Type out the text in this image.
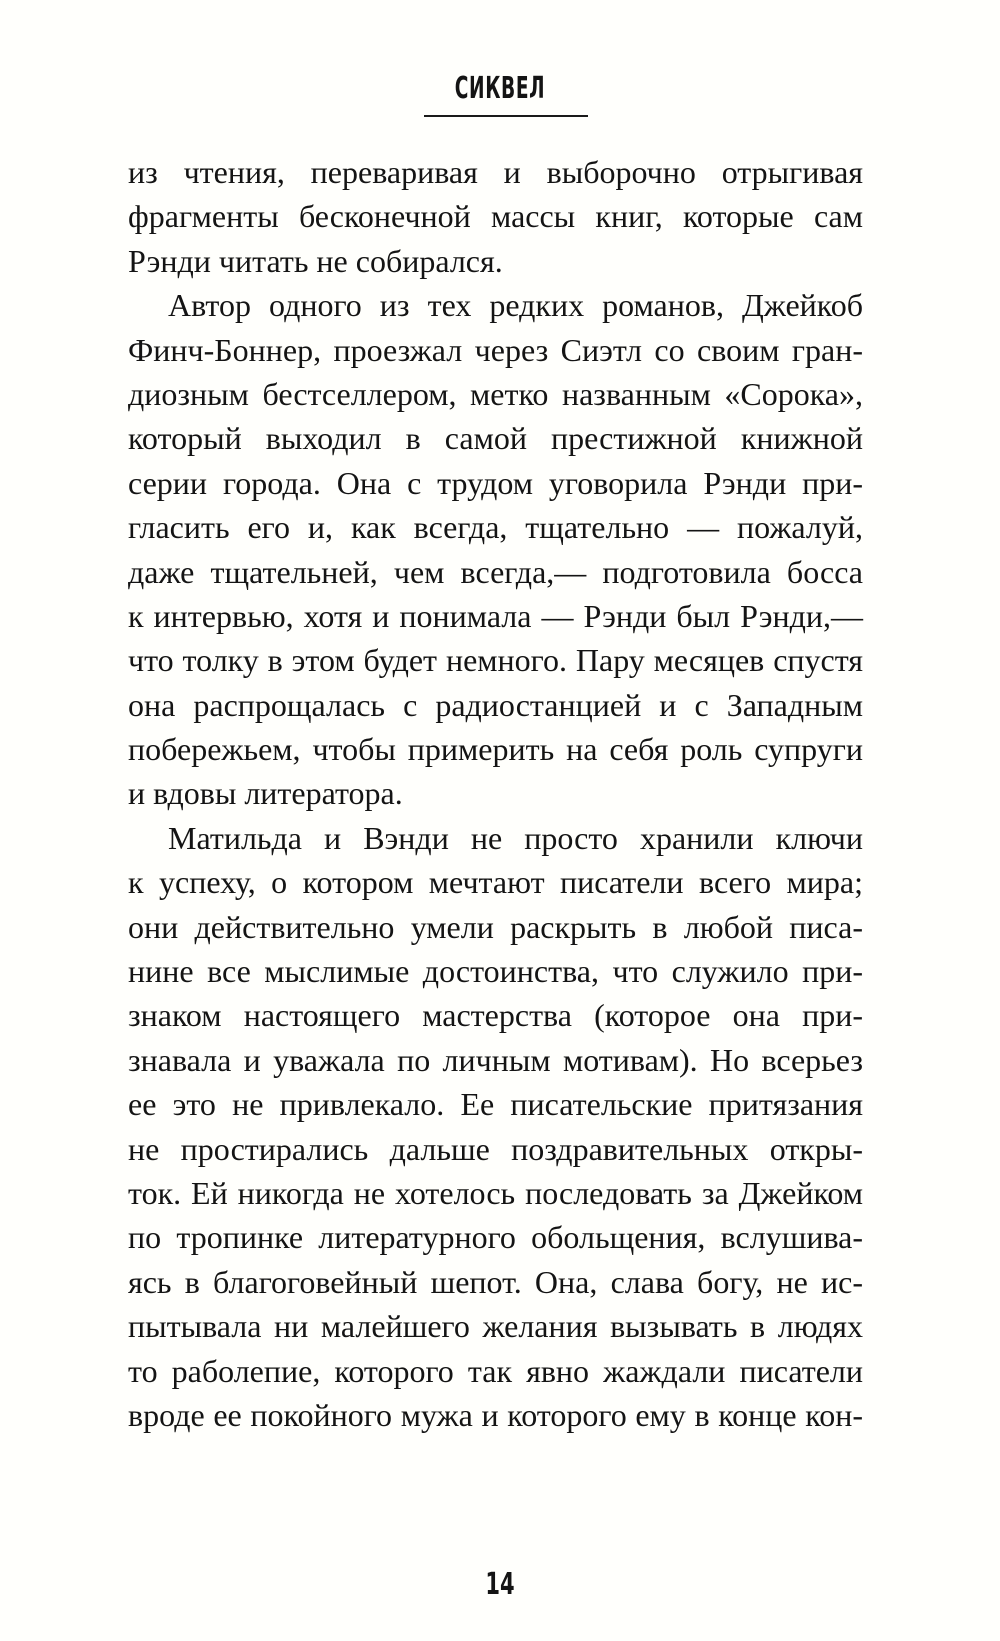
СИКВЕЛ
из чтения, переваривая и выборочно отрыгивая
фрагменты бесконечной массы книг, которые сам
Рэнди читать не собирался.
Автор одного из тех редких романов, Джейкоб
Финч-Боннер, проезжал через Сиэтл со своим гран-
диозным бестселлером, метко названным «Сорока»,
который выходил в самой престижной книжной
серии города. Она с трудом уговорила Рэнди при-
гласить его и, как всегда, тщательно — пожалуй,
даже тщательней, чем всегда,— подготовила босса
к интервью, хотя и понимала — Рэнди был Рэнди,—
что толку в этом будет немного. Пару месяцев спустя
она распрощалась с радиостанцией и с Западным
побережьем, чтобы примерить на себя роль супруги
и вдовы литератора.
Матильда и Вэнди не просто хранили ключи
к успеху, о котором мечтают писатели всего мира;
они действительно умели раскрыть в любой писа-
нине все мыслимые достоинства, что служило при-
знаком настоящего мастерства (которое она при-
знавала и уважала по личным мотивам). Но всерьез
ее это не привлекало. Ее писательские притязания
не простирались дальше поздравительных откры-
ток. Ей никогда не хотелось последовать за Джейком
по тропинке литературного обольщения, вслушива-
ясь в благоговейный шепот. Она, слава богу, не ис-
пытывала ни малейшего желания вызывать в людях
то раболепие, которого так явно жаждали писатели
вроде ее покойного мужа и которого ему в конце кон-
14
